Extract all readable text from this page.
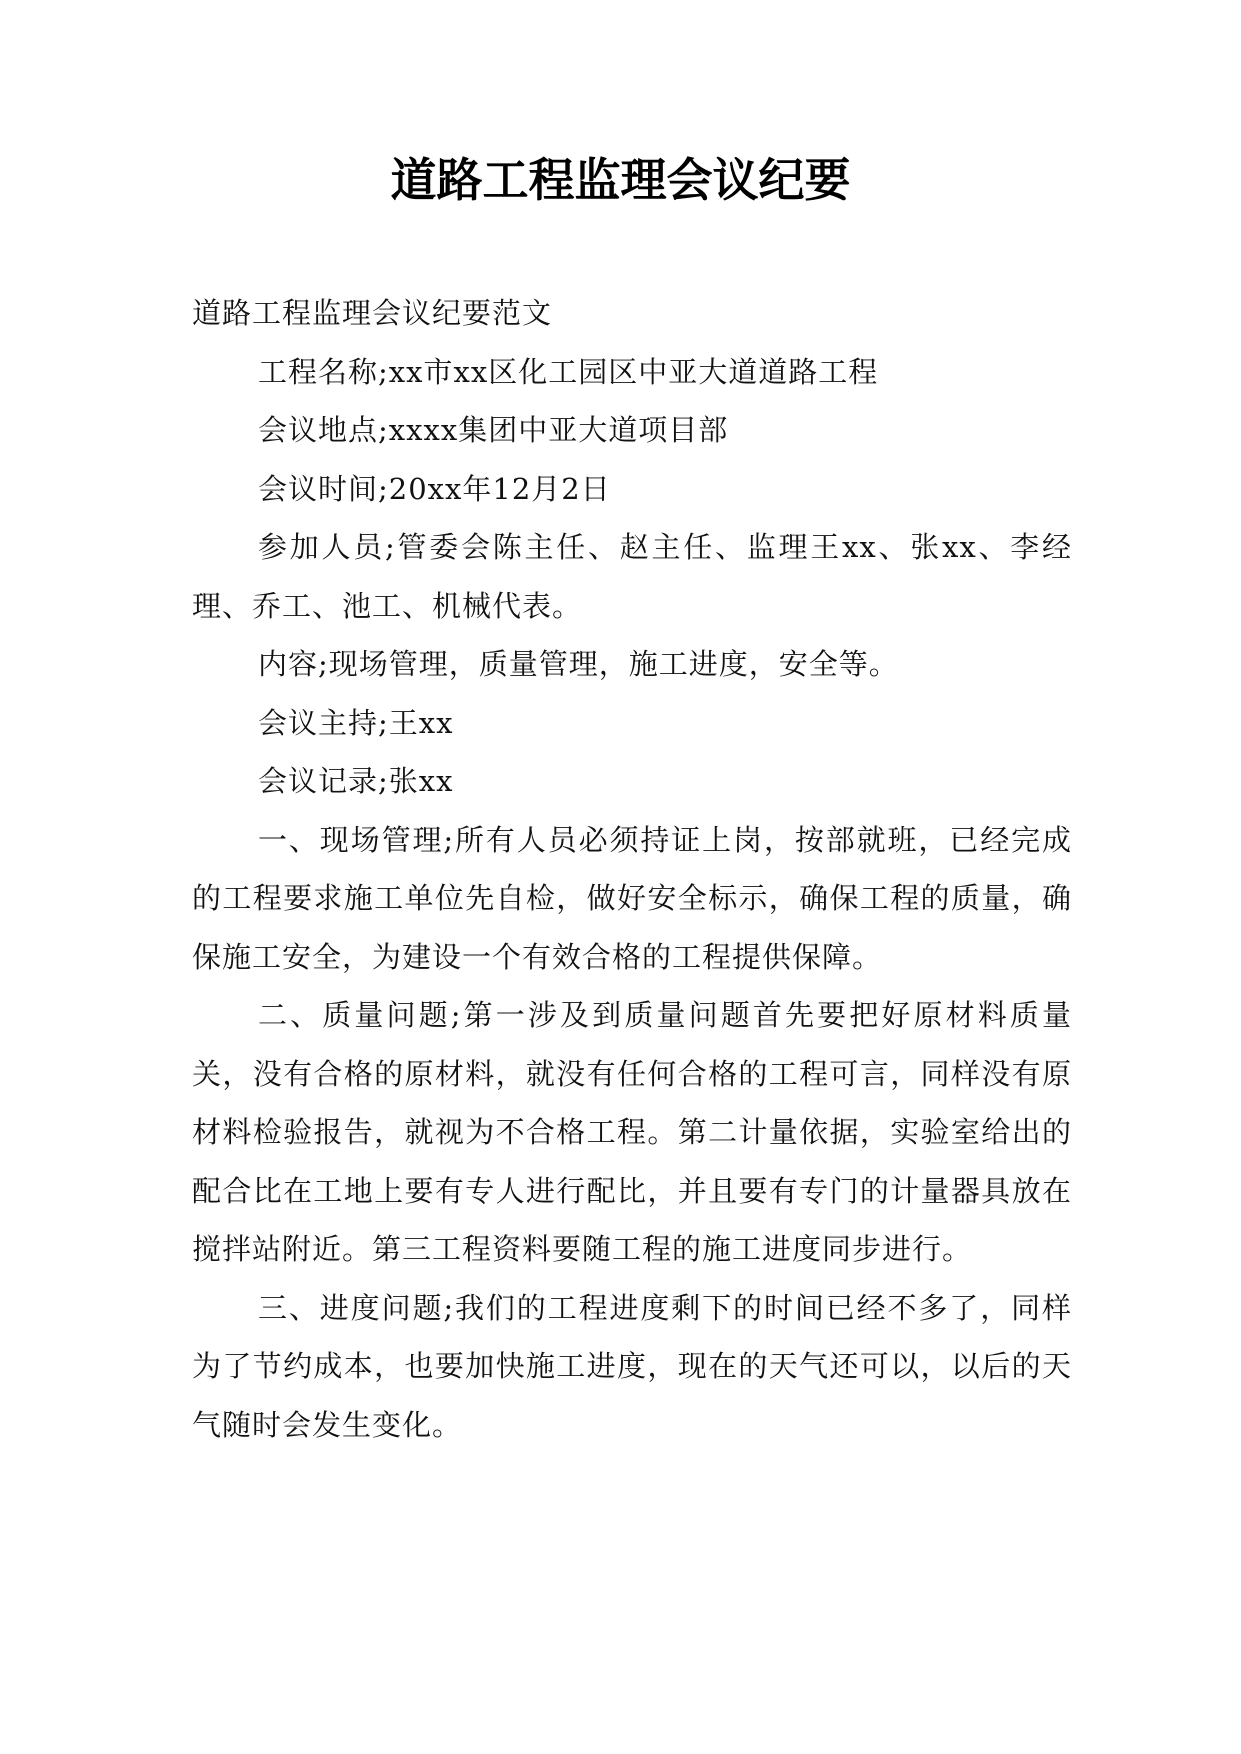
道路工程监理会议纪要

道路工程监理会议纪要范文

工程名称;xx市xx区化工园区中亚大道道路工程

会议地点;xxxx集团中亚大道项目部

会议时间;20xx年12月2日

参加人员;管委会陈主任、赵主任、监理王xx、张xx、李经理、乔工、池工、机械代表。

内容;现场管理，质量管理，施工进度，安全等。

会议主持;王xx

会议记录;张xx

一、现场管理;所有人员必须持证上岗，按部就班，已经完成的工程要求施工单位先自检，做好安全标示，确保工程的质量，确保施工安全，为建设一个有效合格的工程提供保障。

二、质量问题;第一涉及到质量问题首先要把好原材料质量关，没有合格的原材料，就没有任何合格的工程可言，同样没有原材料检验报告，就视为不合格工程。第二计量依据，实验室给出的配合比在工地上要有专人进行配比，并且要有专门的计量器具放在搅拌站附近。第三工程资料要随工程的施工进度同步进行。

三、进度问题;我们的工程进度剩下的时间已经不多了，同样为了节约成本，也要加快施工进度，现在的天气还可以，以后的天气随时会发生变化。
